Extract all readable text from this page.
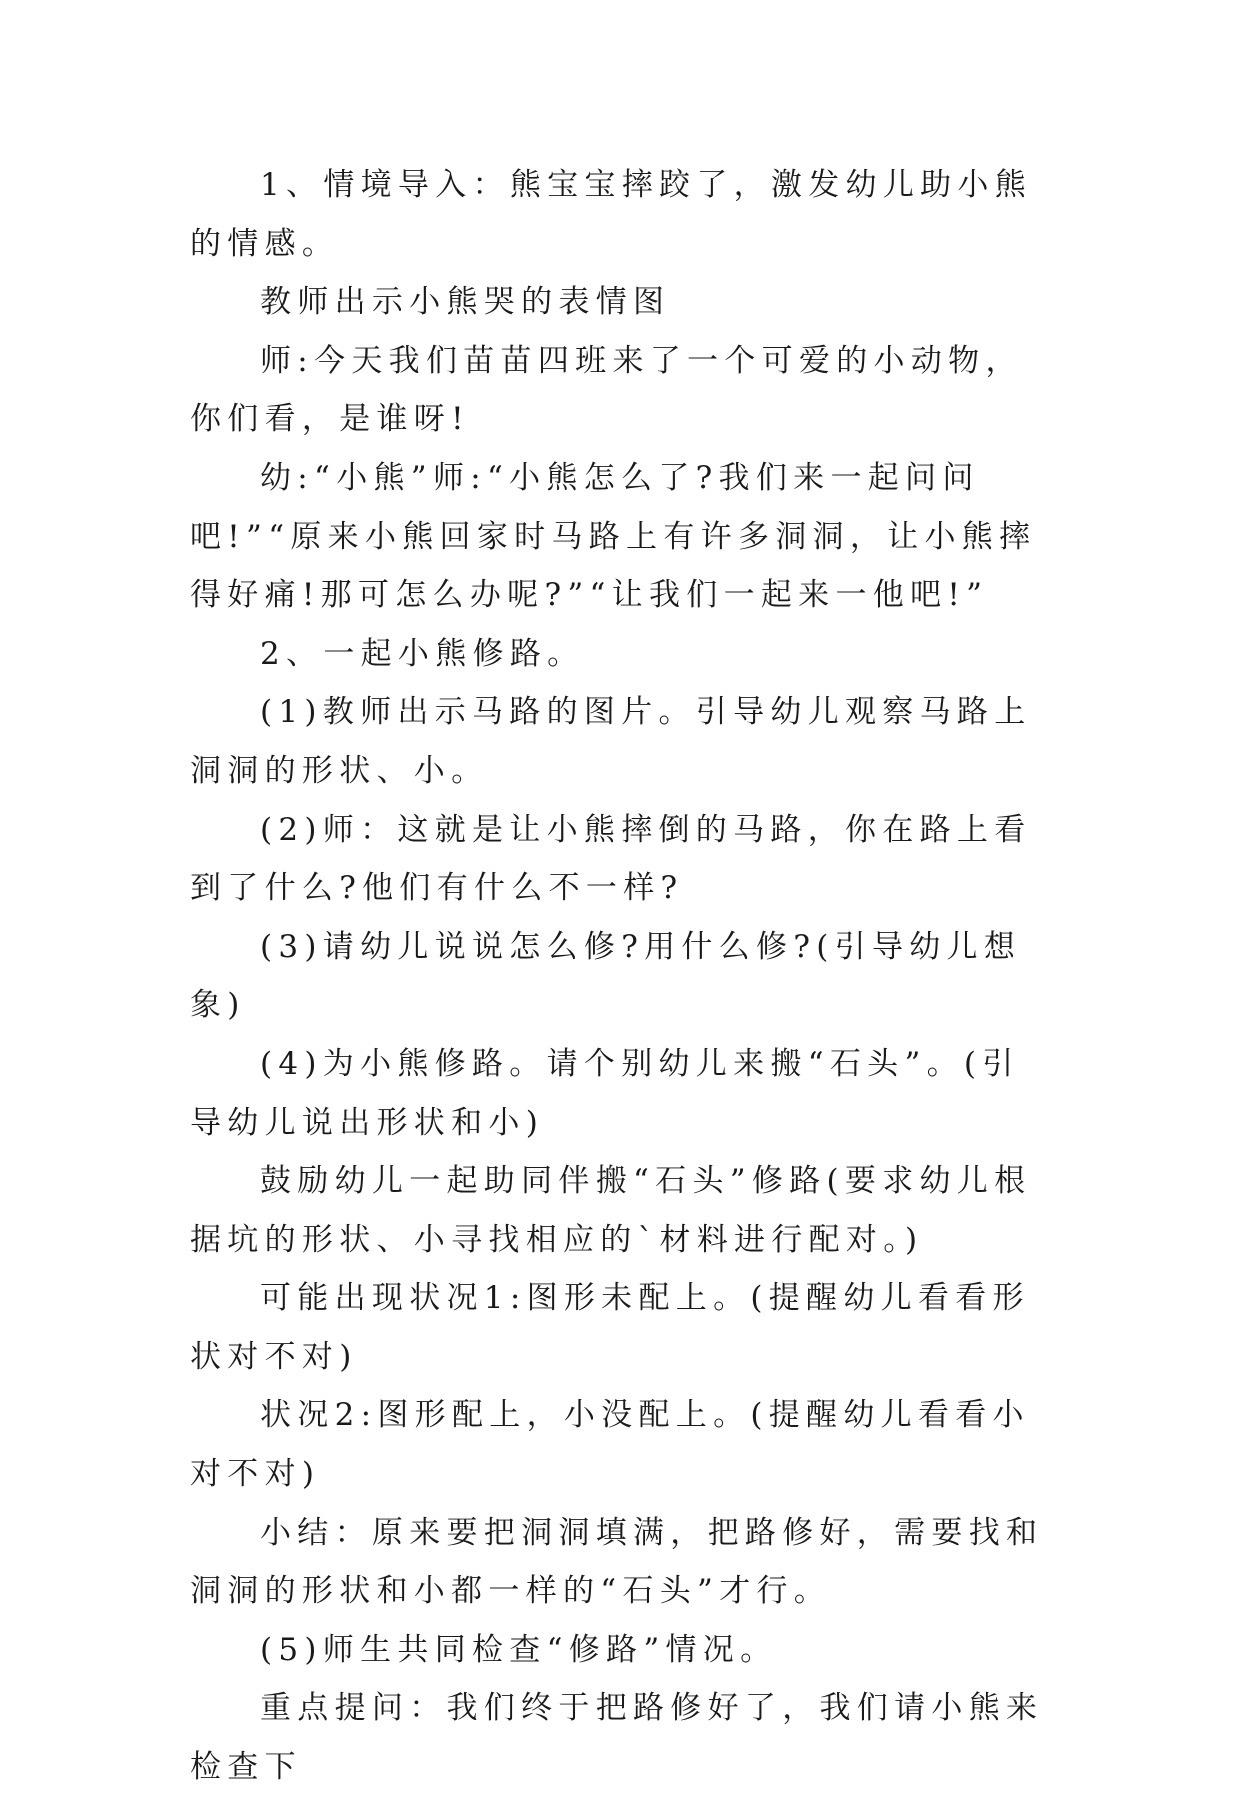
1、情境导入：熊宝宝摔跤了，激发幼儿助小熊的情感。

教师出示小熊哭的表情图

师:今天我们苗苗四班来了一个可爱的小动物，你们看，是谁呀!

幼:“小熊”师:“小熊怎么了?我们来一起问问吧!”“原来小熊回家时马路上有许多洞洞，让小熊摔得好痛!那可怎么办呢?”“让我们一起来一他吧!”

2、一起小熊修路。

(1)教师出示马路的图片。引导幼儿观察马路上洞洞的形状、小。

(2)师：这就是让小熊摔倒的马路，你在路上看到了什么?他们有什么不一样?

(3)请幼儿说说怎么修?用什么修?(引导幼儿想象)

(4)为小熊修路。请个别幼儿来搬“石头”。(引导幼儿说出形状和小)

鼓励幼儿一起助同伴搬“石头”修路(要求幼儿根据坑的形状、小寻找相应的`材料进行配对。)

可能出现状况1:图形未配上。(提醒幼儿看看形状对不对)

状况2:图形配上，小没配上。(提醒幼儿看看小对不对)

小结：原来要把洞洞填满，把路修好，需要找和洞洞的形状和小都一样的“石头”才行。

(5)师生共同检查“修路”情况。

重点提问：我们终于把路修好了，我们请小熊来检查下
